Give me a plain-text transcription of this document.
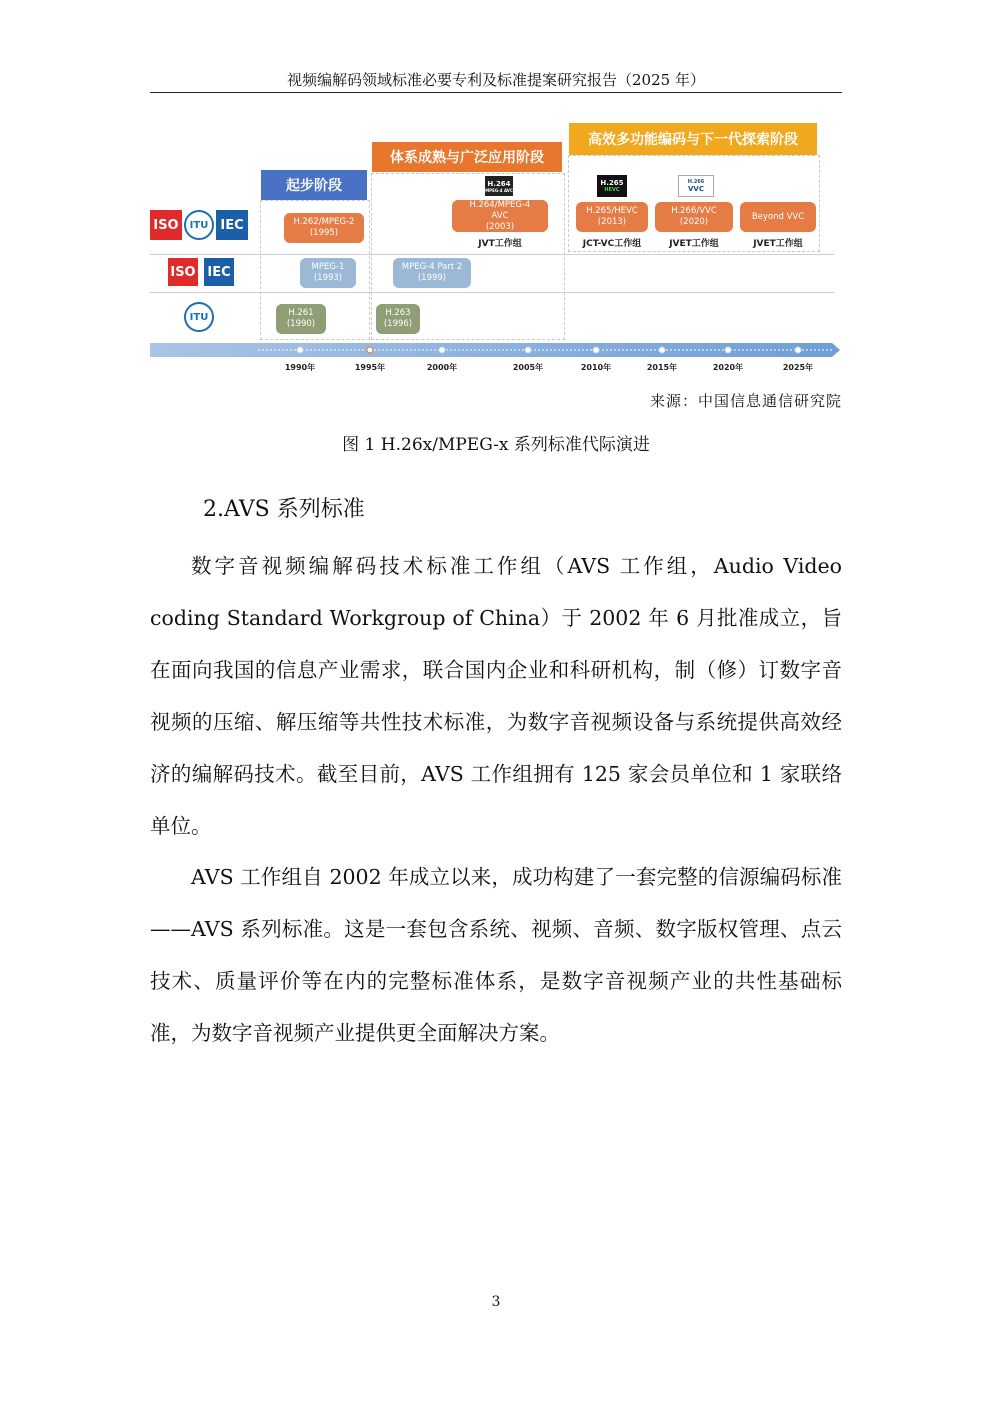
视频编解码领域标准必要专利及标准提案研究报告（2025 年）
起步阶段
体系成熟与广泛应用阶段
高效多功能编码与下一代探索阶段
ISO	ITU IEC
ISO IEC
ITU
H.264
MPEG-4 AVC
H.265
HEVC
H.266
VVC
H.262/MPEG-2
(1995)
H.264/MPEG-4
AVC
(2003)
H.265/HEVC
(2013)
H.266/VVC
(2020)
Beyond VVC
MPEG-1
(1993)
MPEG-4 Part 2
(1999)
H.261
(1990)
H.263
(1996)
JVT工作组	JCT-VC工作组	JVET工作组	JVET工作组
1990年	1995年	2000年	2005年	2010年	2015年	2020年	2025年
来源：中国信息通信研究院
图 1 H.26x/MPEG-x 系列标准代际演进
2.AVS 系列标准

数字音视频编解码技术标准工作组（AVS 工作组，Audio Video coding Standard Workgroup of China）于 2002 年 6 月批准成立，旨在面向我国的信息产业需求，联合国内企业和科研机构，制（修）订数字音视频的压缩、解压缩等共性技术标准，为数字音视频设备与系统提供高效经济的编解码技术。截至目前，AVS 工作组拥有 125 家会员单位和 1 家联络单位。

AVS 工作组自 2002 年成立以来，成功构建了一套完整的信源编码标准——AVS 系列标准。这是一套包含系统、视频、音频、数字版权管理、点云技术、质量评价等在内的完整标准体系，是数字音视频产业的共性基础标准，为数字音视频产业提供更全面解决方案。

3
